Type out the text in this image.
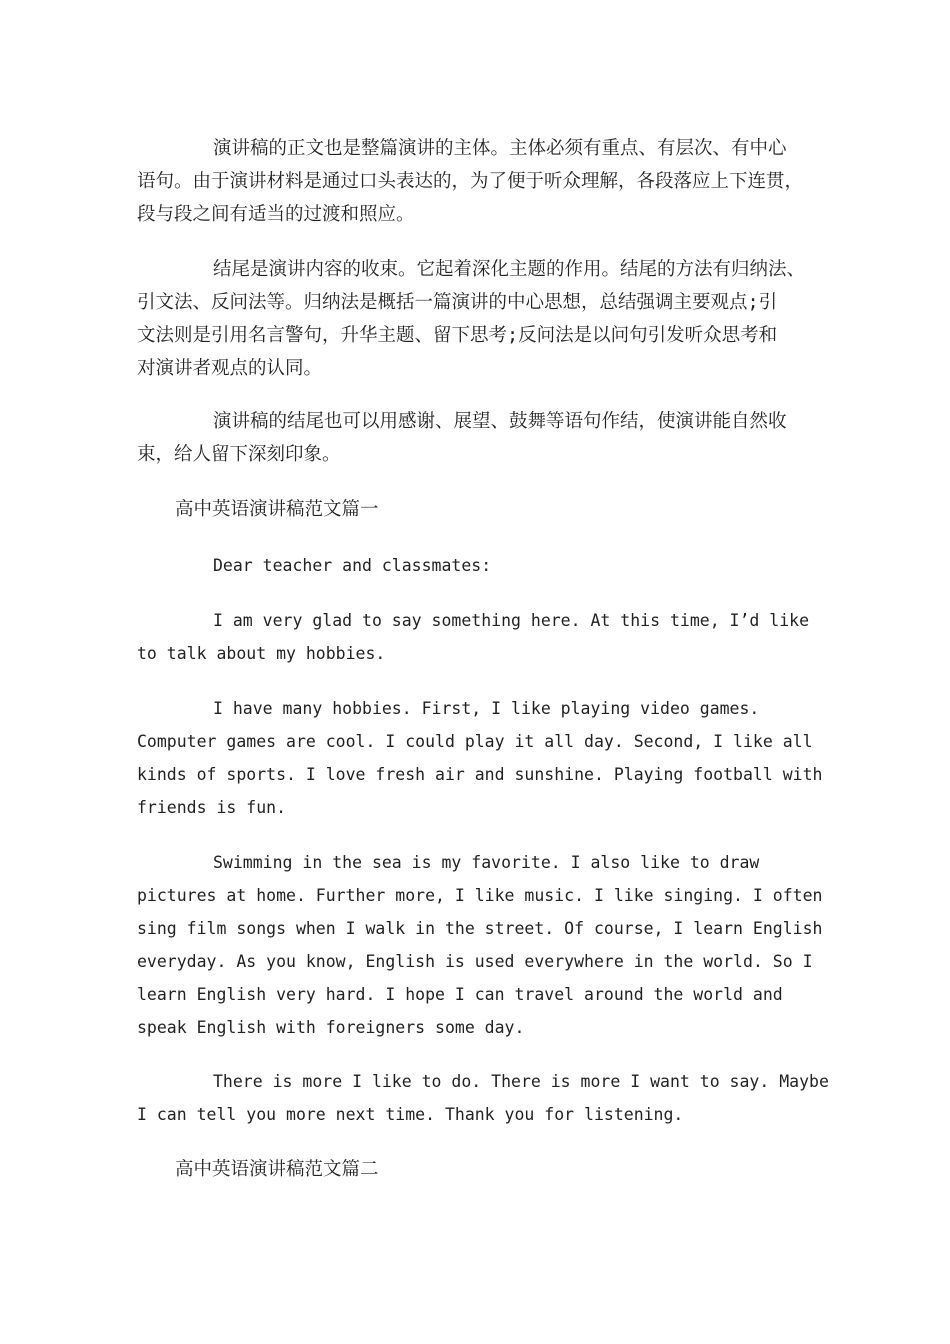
演讲稿的正文也是整篇演讲的主体。主体必须有重点、有层次、有中心
语句。由于演讲材料是通过口头表达的，为了便于听众理解，各段落应上下连贯，
段与段之间有适当的过渡和照应。
结尾是演讲内容的收束。它起着深化主题的作用。结尾的方法有归纳法、
引文法、反问法等。归纳法是概括一篇演讲的中心思想，总结强调主要观点;引
文法则是引用名言警句，升华主题、留下思考;反问法是以问句引发听众思考和
对演讲者观点的认同。
演讲稿的结尾也可以用感谢、展望、鼓舞等语句作结，使演讲能自然收
束，给人留下深刻印象。
高中英语演讲稿范文篇一
Dear teacher and classmates:
I am very glad to say something here. At this time, I’d like
to talk about my hobbies.
I have many hobbies. First, I like playing video games.
Computer games are cool. I could play it all day. Second, I like all
kinds of sports. I love fresh air and sunshine. Playing football with
friends is fun.
Swimming in the sea is my favorite. I also like to draw
pictures at home. Further more, I like music. I like singing. I often
sing film songs when I walk in the street. Of course, I learn English
everyday. As you know, English is used everywhere in the world. So I
learn English very hard. I hope I can travel around the world and
speak English with foreigners some day.
There is more I like to do. There is more I want to say. Maybe
I can tell you more next time. Thank you for listening.
高中英语演讲稿范文篇二
